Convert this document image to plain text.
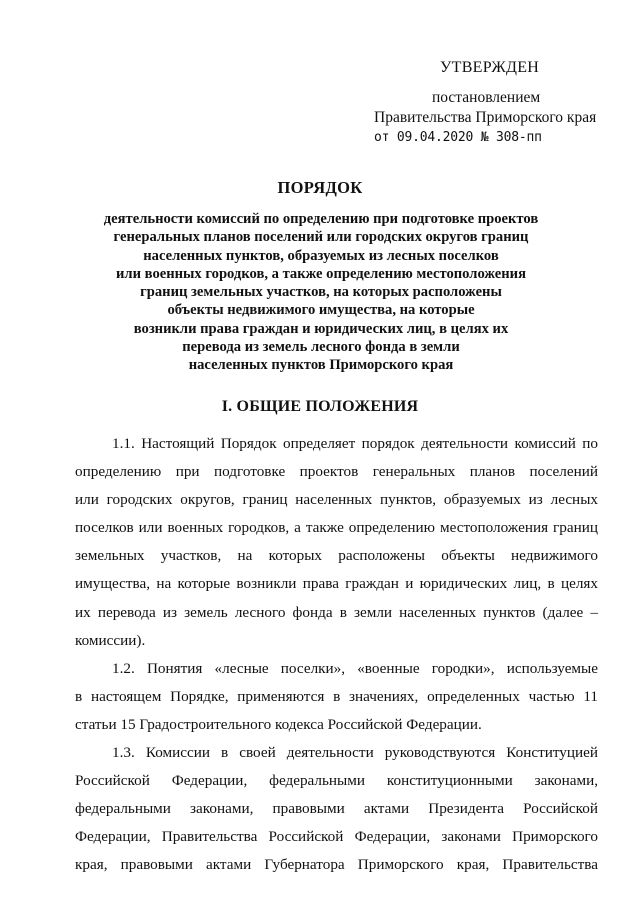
УТВЕРЖДЕН
постановлением
Правительства Приморского края
от 09.04.2020 № 308-пп
ПОРЯДОК
деятельности комиссий по определению при подготовке проектов
генеральных планов поселений или городских округов границ
населенных пунктов, образуемых из лесных поселков
или военных городков, а также определению местоположения
границ земельных участков, на которых расположены
объекты недвижимого имущества, на которые
возникли права граждан и юридических лиц, в целях их
перевода из земель лесного фонда в земли
населенных пунктов Приморского края
I. ОБЩИЕ ПОЛОЖЕНИЯ
1.1. Настоящий Порядок определяет порядок деятельности комиссий по
определению при подготовке проектов генеральных планов поселений
или городских округов, границ населенных пунктов, образуемых из лесных
поселков или военных городков, а также определению местоположения границ
земельных участков, на которых расположены объекты недвижимого
имущества, на которые возникли права граждан и юридических лиц, в целях
их перевода из земель лесного фонда в земли населенных пунктов (далее –
комиссии).
1.2. Понятия «лесные поселки», «военные городки», используемые
в настоящем Порядке, применяются в значениях, определенных частью 11
статьи 15 Градостроительного кодекса Российской Федерации.
1.3. Комиссии в своей деятельности руководствуются Конституцией
Российской Федерации, федеральными конституционными законами,
федеральными законами, правовыми актами Президента Российской
Федерации, Правительства Российской Федерации, законами Приморского
края, правовыми актами Губернатора Приморского края, Правительства
